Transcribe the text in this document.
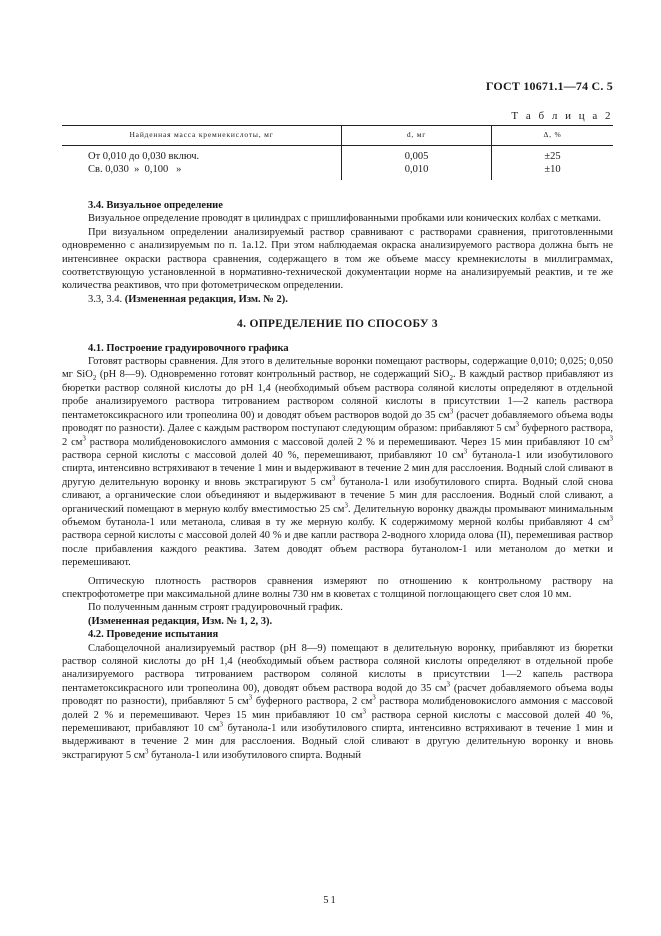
ГОСТ 10671.1—74 С. 5
Т а б л и ц а 2
Найденная масса кремнекислоты, мг	d, мг	Δ, %
От 0,010 до 0,030 включ.	0,005	±25
Св. 0,030  »  0,100   »	0,010	±10

3.4. Визуальное определение

Визуальное определение проводят в цилиндрах с пришлифованными пробками или конических колбах с метками.

При визуальном определении анализируемый раствор сравнивают с растворами сравнения, приготовленными одновременно с анализируемым по п. 1а.12. При этом наблюдаемая окраска анализируемого раствора должна быть не интенсивнее окраски раствора сравнения, содержащего в том же объеме массу кремнекислоты в миллиграммах, соответствующую установленной в нормативно-технической документации норме на анализируемый реактив, и те же количества реактивов, что при фотометрическом определении.

3.3, 3.4. (Измененная редакция, Изм. № 2).

4. ОПРЕДЕЛЕНИЕ ПО СПОСОБУ 3

4.1. Построение градуировочного графика

Готовят растворы сравнения. Для этого в делительные воронки помещают растворы, содержащие 0,010; 0,025; 0,050 мг SiO$_2$ (pH 8—9). Одновременно готовят контрольный раствор, не содержащий SiO$_2$. В каждый раствор прибавляют из бюретки раствор соляной кислоты до pH 1,4 (необходимый объем раствора соляной кислоты определяют в отдельной пробе анализируемого раствора титрованием раствором соляной кислоты в присутствии 1—2 капель раствора пентаметоксикрасного или тропеолина 00) и доводят объем растворов водой до 35 $см^3$ (расчет добавляемого объема воды проводят по разности). Далее с каждым раствором поступают следующим образом: прибавляют 5 $см^3$ буферного раствора, 2 $см^3$ раствора молибденовокислого аммония с массовой долей 2 % и перемешивают. Через 15 мин прибавляют 10 $см^3$ раствора серной кислоты с массовой долей 40 %, перемешивают, прибавляют 10 $см^3$ бутанола-1 или изобутилового спирта, интенсивно встряхивают в течение 1 мин и выдерживают в течение 2 мин для расслоения. Водный слой сливают в другую делительную воронку и вновь экстрагируют 5 $см^3$ бутанола-1 или изобутилового спирта. Водный слой снова сливают, а органические слои объединяют и выдерживают в течение 5 мин для расслоения. Водный слой сливают, а органический помещают в мерную колбу вместимостью 25 $см^3$. Делительную воронку дважды промывают минимальным объемом бутанола-1 или метанола, сливая в ту же мерную колбу. К содержимому мерной колбы прибавляют 4 $см^3$ раствора серной кислоты с массовой долей 40 % и две капли раствора 2-водного хлорида олова (II), перемешивая раствор после прибавления каждого реактива. Затем доводят объем раствора бутанолом-1 или метанолом до метки и перемешивают.

Оптическую плотность растворов сравнения измеряют по отношению к контрольному раствору на спектрофотометре при максимальной длине волны 730 нм в кюветах с толщиной поглощающего свет слоя 10 мм.

По полученным данным строят градуировочный график.

(Измененная редакция, Изм. № 1, 2, 3).

4.2. Проведение испытания

Слабощелочной анализируемый раствор (pH 8—9) помещают в делительную воронку, прибавляют из бюретки раствор соляной кислоты до pH 1,4 (необходимый объем раствора соляной кислоты определяют в отдельной пробе анализируемого раствора титрованием раствором соляной кислоты в присутствии 1—2 капель раствора пентаметоксикрасного или тропеолина 00), доводят объем раствора водой до 35 $см^3$ (расчет добавляемого объема воды проводят по разности), прибавляют 5 $см^3$ буферного раствора, 2 $см^3$ раствора молибденовокислого аммония с массовой долей 2 % и перемешивают. Через 15 мин прибавляют 10 $см^3$ раствора серной кислоты с массовой долей 40 %, перемешивают, прибавляют 10 $см^3$ бутанола-1 или изобутилового спирта, интенсивно встряхивают в течение 1 мин и выдерживают в течение 2 мин для расслоения. Водный слой сливают в другую делительную воронку и вновь экстрагируют 5 $см^3$ бутанола-1 или изобутилового спирта. Водный

51
